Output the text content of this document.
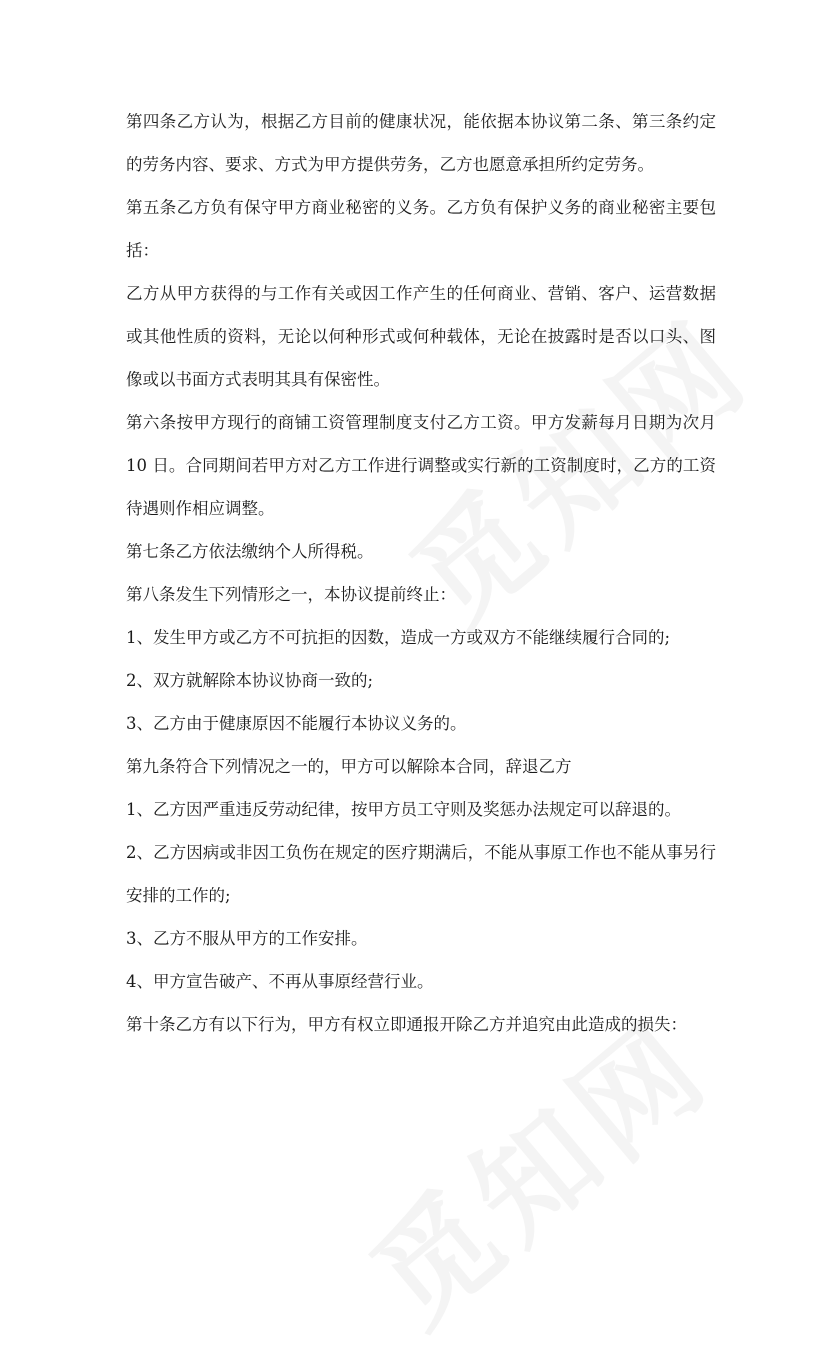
第四条乙方认为，根据乙方目前的健康状况，能依据本协议第二条、第三条约定的劳务内容、要求、方式为甲方提供劳务，乙方也愿意承担所约定劳务。

第五条乙方负有保守甲方商业秘密的义务。乙方负有保护义务的商业秘密主要包括：

乙方从甲方获得的与工作有关或因工作产生的任何商业、营销、客户、运营数据或其他性质的资料，无论以何种形式或何种载体，无论在披露时是否以口头、图像或以书面方式表明其具有保密性。

第六条按甲方现行的商铺工资管理制度支付乙方工资。甲方发薪每月日期为次月 10 日。合同期间若甲方对乙方工作进行调整或实行新的工资制度时，乙方的工资待遇则作相应调整。

第七条乙方依法缴纳个人所得税。

第八条发生下列情形之一，本协议提前终止：

1、发生甲方或乙方不可抗拒的因数，造成一方或双方不能继续履行合同的;

2、双方就解除本协议协商一致的;

3、乙方由于健康原因不能履行本协议义务的。

第九条符合下列情况之一的，甲方可以解除本合同，辞退乙方

1、乙方因严重违反劳动纪律，按甲方员工守则及奖惩办法规定可以辞退的。

2、乙方因病或非因工负伤在规定的医疗期满后，不能从事原工作也不能从事另行安排的工作的;

3、乙方不服从甲方的工作安排。

4、甲方宣告破产、不再从事原经营行业。

第十条乙方有以下行为，甲方有权立即通报开除乙方并追究由此造成的损失：
